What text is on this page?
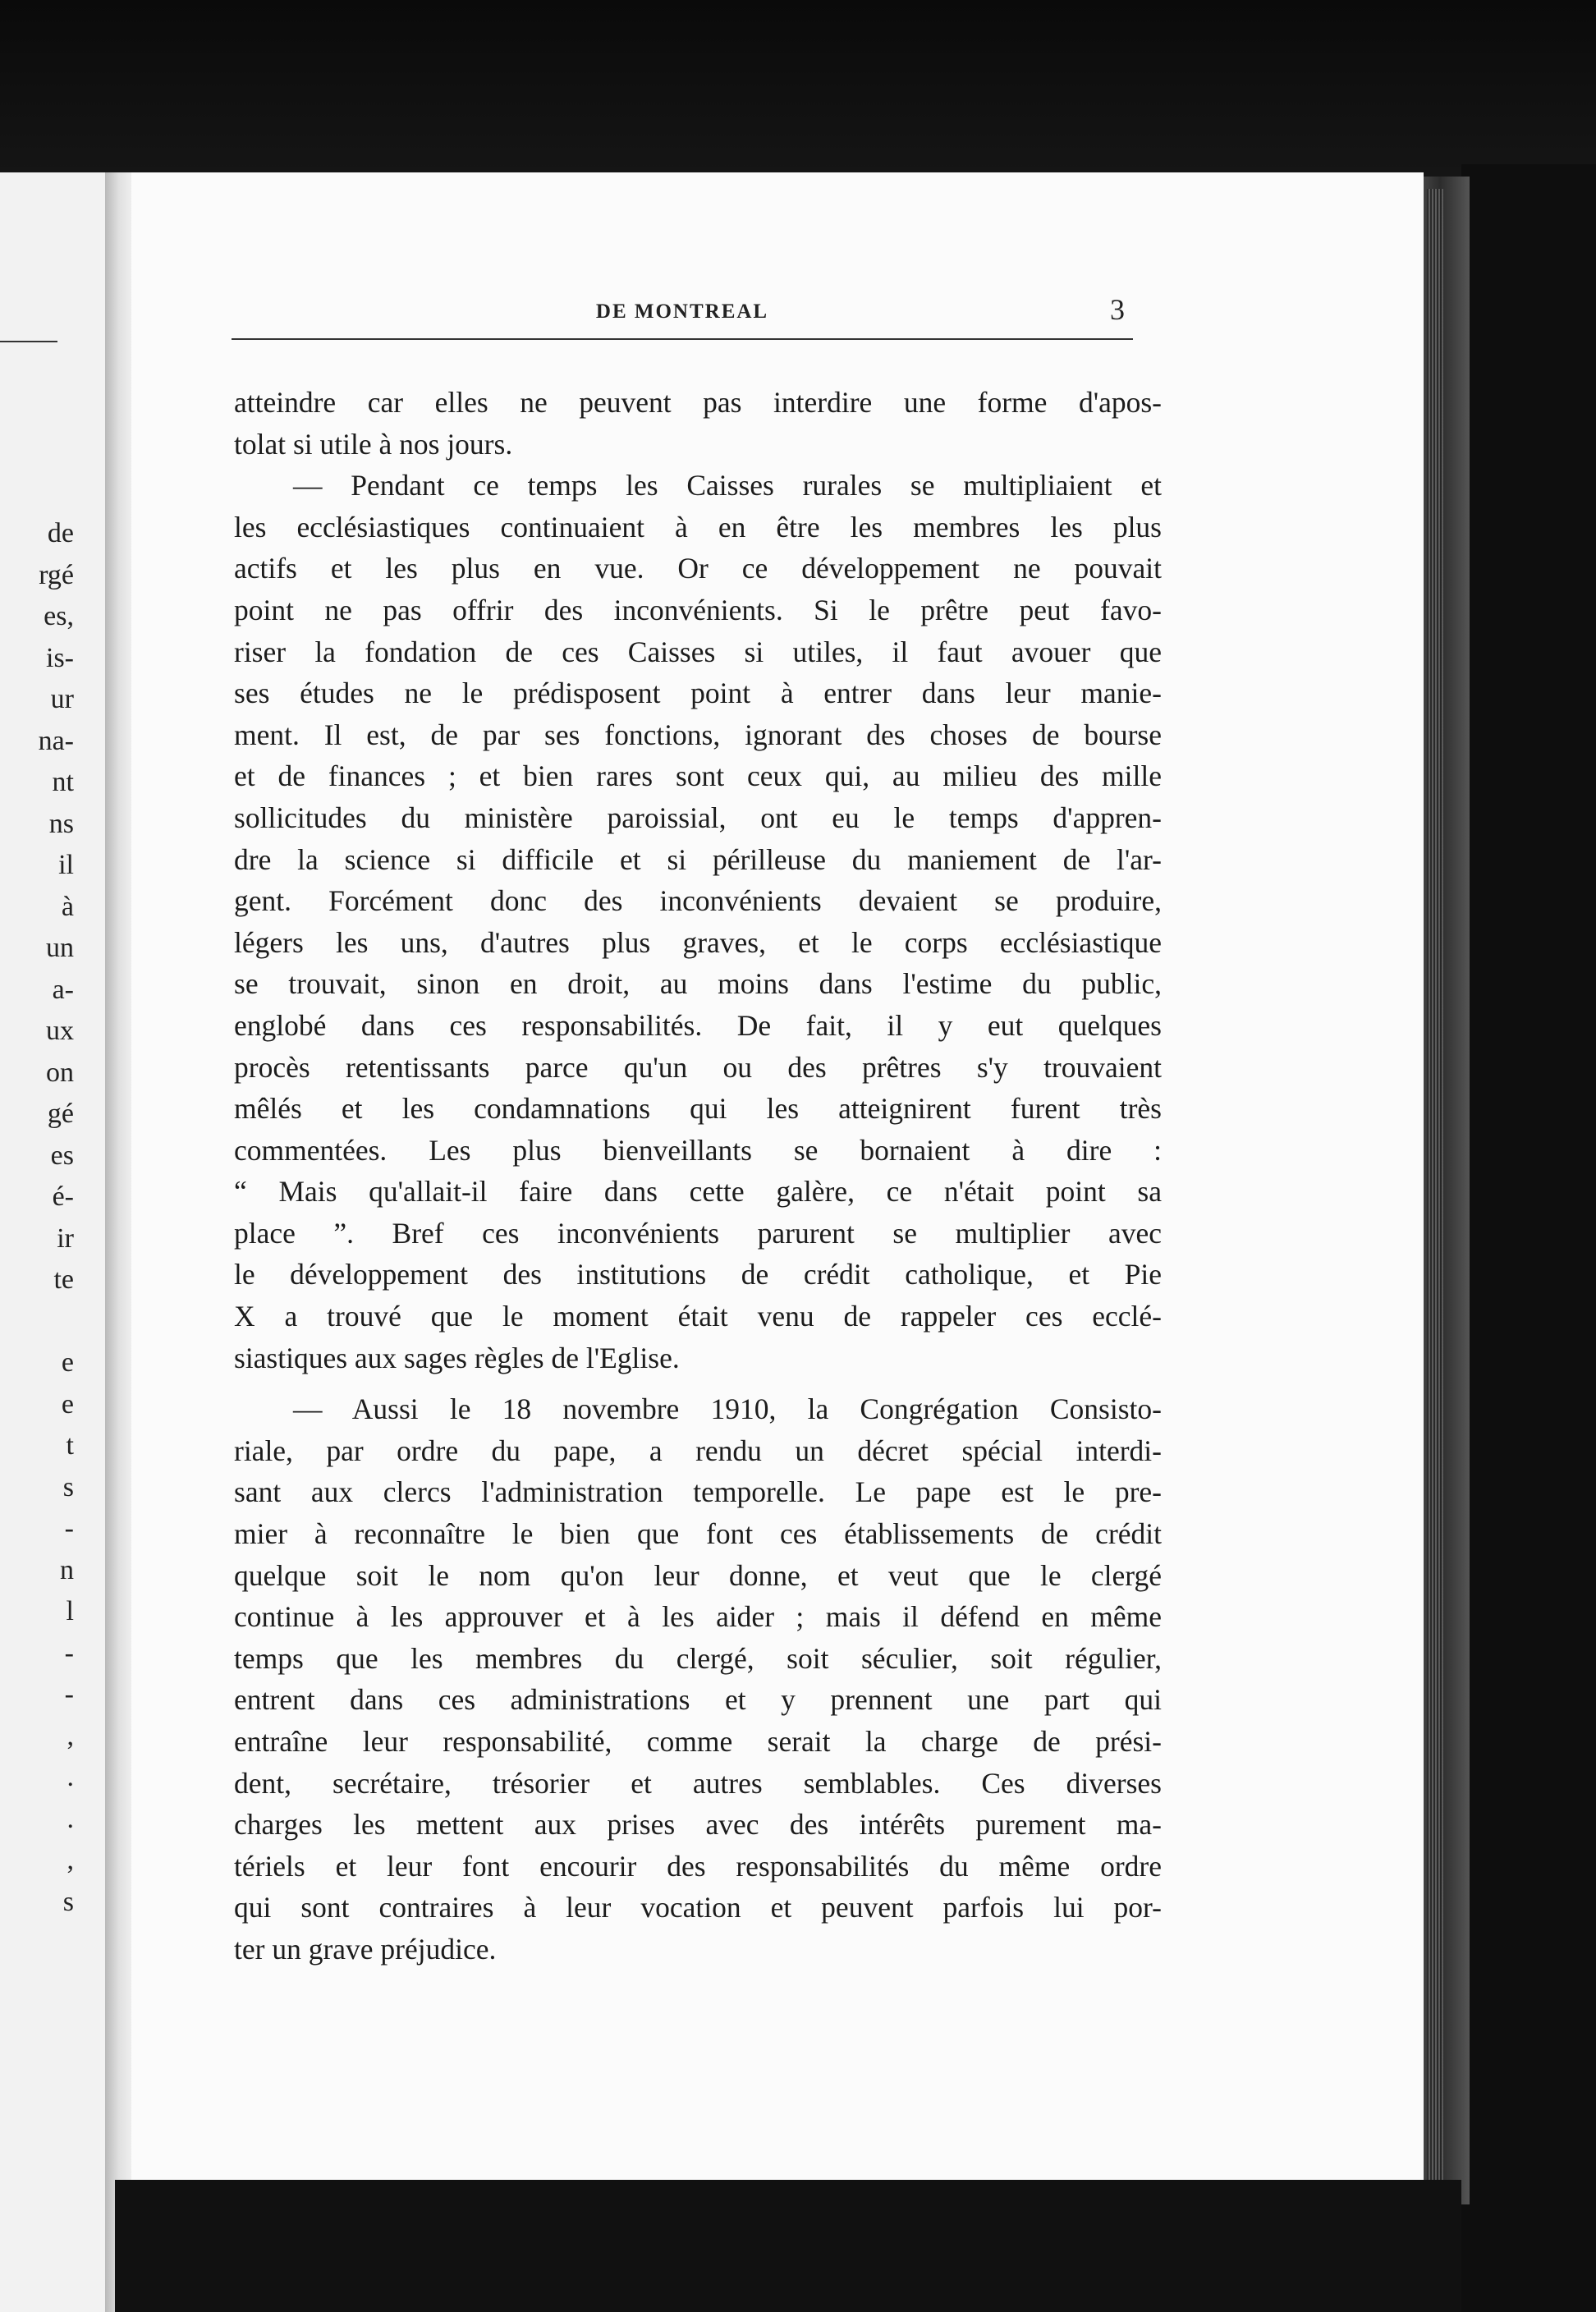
de
rgé
es,
is-
ur
na-
nt
ns
il
à
un
a-
ux
on
gé
es
é-
ir
te
e
e
t
s
-
n
l
-
-
,
.
.
,
s
DE MONTREAL	3
atteindre car elles ne peuvent pas interdire une forme d'apos-
tolat si utile à nos jours.
— Pendant ce temps les Caisses rurales se multipliaient et
les ecclésiastiques continuaient à en être les membres les plus
actifs et les plus en vue. Or ce développement ne pouvait
point ne pas offrir des inconvénients. Si le prêtre peut favo-
riser la fondation de ces Caisses si utiles, il faut avouer que
ses études ne le prédisposent point à entrer dans leur manie-
ment. Il est, de par ses fonctions, ignorant des choses de bourse
et de finances ; et bien rares sont ceux qui, au milieu des mille
sollicitudes du ministère paroissial, ont eu le temps d'appren-
dre la science si difficile et si périlleuse du maniement de l'ar-
gent. Forcément donc des inconvénients devaient se produire,
légers les uns, d'autres plus graves, et le corps ecclésiastique
se trouvait, sinon en droit, au moins dans l'estime du public,
englobé dans ces responsabilités. De fait, il y eut quelques
procès retentissants parce qu'un ou des prêtres s'y trouvaient
mêlés et les condamnations qui les atteignirent furent très
commentées. Les plus bienveillants se bornaient à dire :
“ Mais qu'allait-il faire dans cette galère, ce n'était point sa
place ”. Bref ces inconvénients parurent se multiplier avec
le développement des institutions de crédit catholique, et Pie
X a trouvé que le moment était venu de rappeler ces ecclé-
siastiques aux sages règles de l'Eglise.
— Aussi le 18 novembre 1910, la Congrégation Consisto-
riale, par ordre du pape, a rendu un décret spécial interdi-
sant aux clercs l'administration temporelle. Le pape est le pre-
mier à reconnaître le bien que font ces établissements de crédit
quelque soit le nom qu'on leur donne, et veut que le clergé
continue à les approuver et à les aider ; mais il défend en même
temps que les membres du clergé, soit séculier, soit régulier,
entrent dans ces administrations et y prennent une part qui
entraîne leur responsabilité, comme serait la charge de prési-
dent, secrétaire, trésorier et autres semblables. Ces diverses
charges les mettent aux prises avec des intérêts purement ma-
tériels et leur font encourir des responsabilités du même ordre
qui sont contraires à leur vocation et peuvent parfois lui por-
ter un grave préjudice.
